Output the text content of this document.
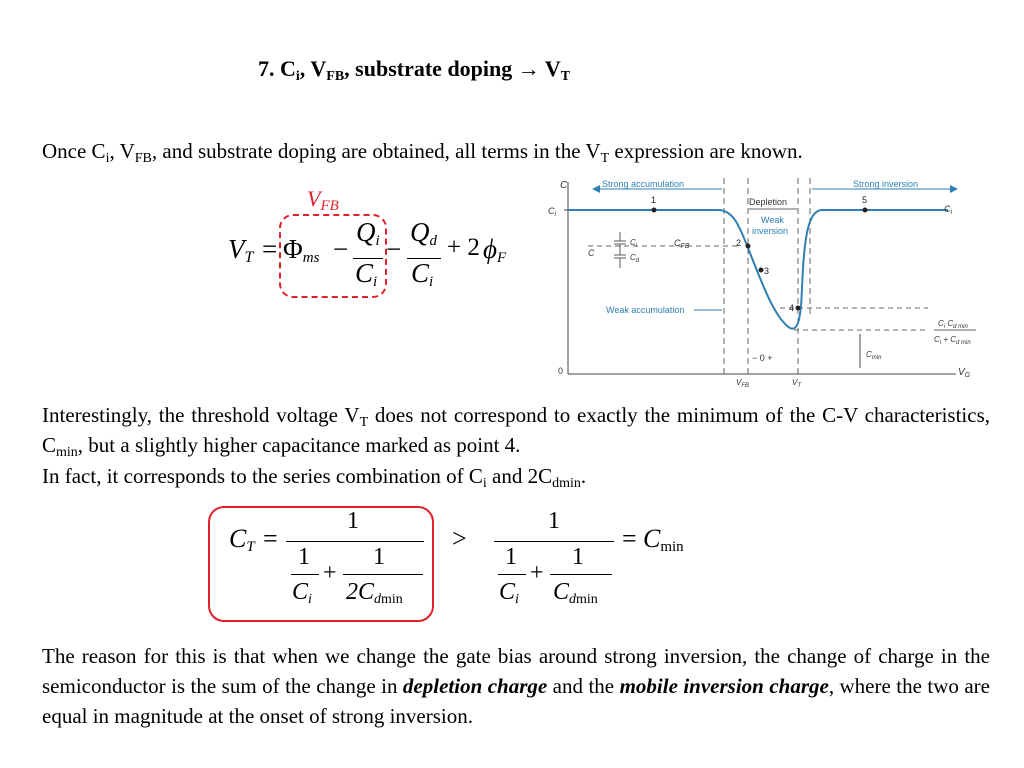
7. $C_i$, $V_{FB}$, substrate doping → $V_T$
Once $C_i$, $V_{FB}$, and substrate doping are obtained, all terms in the $V_T$ expression are known.
$V_{FB}$
$V_T = \Phi_{ms}$ −
$Q_i$
$C_i$
−
$Q_d$
$C_i$
+ 2 $\phi_F$
C
$V_G$
0
$C_i$
Strong accumulation
Depletion
Weak
inversion
Strong inversion
Weak accumulation
1
2
3
4
5
$C_i$
$C_{FB}$
C
$C_i$
$C_d$
$C_i$ $C_{d min}$
$C_i + C_{d min}$
$C_{min}$
− 0 +
$V_{FB}$	$V_T$
Interestingly, the threshold voltage $V_T$ does not correspond to exactly the minimum of the C-V characteristics, $C_{min}$, but a slightly higher capacitance marked as point 4.
In fact, it corresponds to the series combination of $C_i$ and $2C_{dmin}$.
$C_T$ =
1
1
$C_i$
+
1
$2C_{dmin}$
>
1
1
$C_i$
+
1
$C_{dmin}$
= $C_{min}$
The reason for this is that when we change the gate bias around strong inversion, the change of charge in the semiconductor is the sum of the change in depletion charge and the mobile inversion charge, where the two are equal in magnitude at the onset of strong inversion.
